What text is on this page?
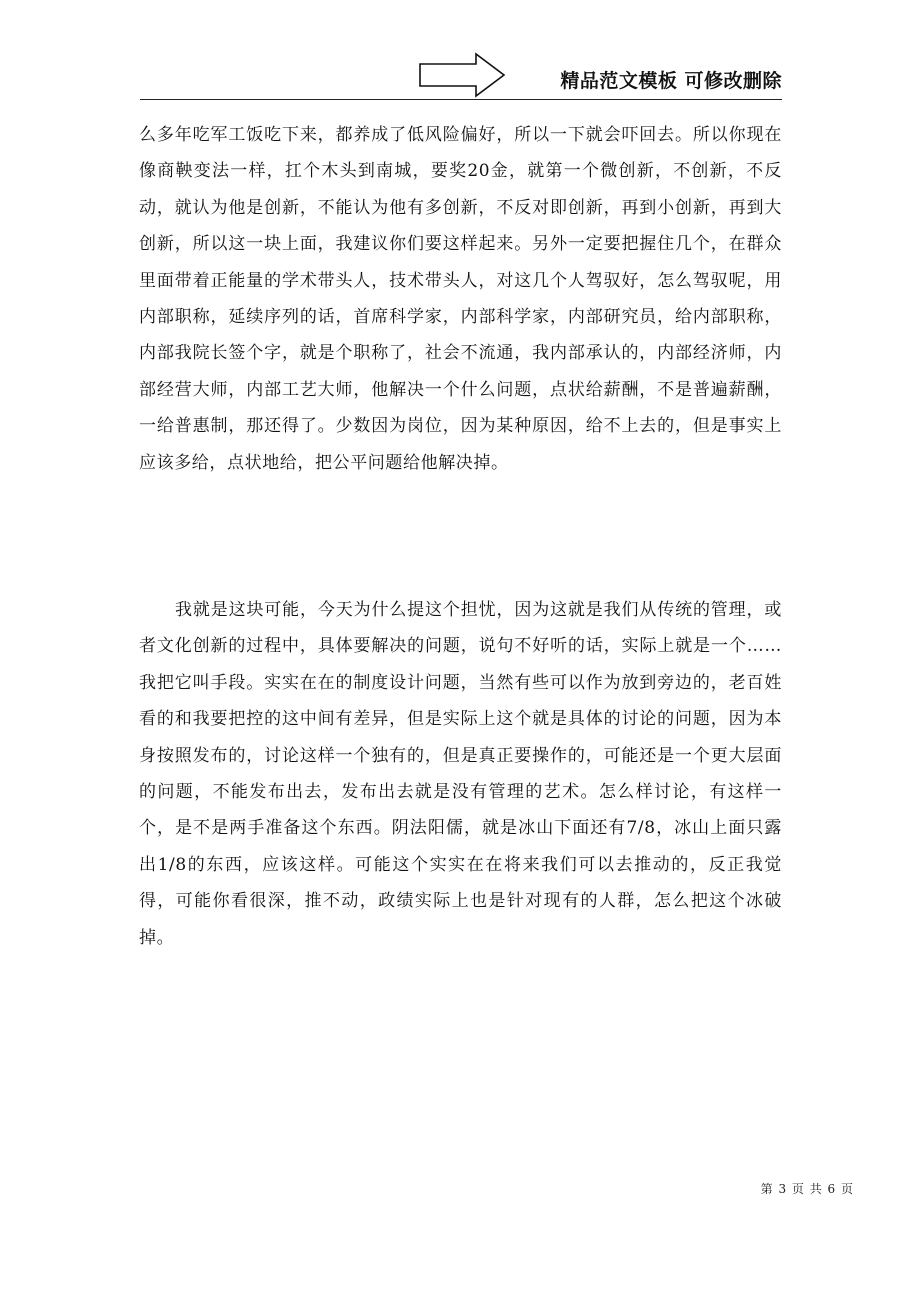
精品范文模板 可修改删除

么多年吃军工饭吃下来，都养成了低风险偏好，所以一下就会吓回去。所以你现在像商鞅变法一样，扛个木头到南城，要奖20金，就第一个微创新，不创新，不反动，就认为他是创新，不能认为他有多创新，不反对即创新，再到小创新，再到大创新，所以这一块上面，我建议你们要这样起来。另外一定要把握住几个，在群众里面带着正能量的学术带头人，技术带头人，对这几个人驾驭好，怎么驾驭呢，用内部职称，延续序列的话，首席科学家，内部科学家，内部研究员，给内部职称，内部我院长签个字，就是个职称了，社会不流通，我内部承认的，内部经济师，内部经营大师，内部工艺大师，他解决一个什么问题，点状给薪酬，不是普遍薪酬，一给普惠制，那还得了。少数因为岗位，因为某种原因，给不上去的，但是事实上应该多给，点状地给，把公平问题给他解决掉。

我就是这块可能，今天为什么提这个担忧，因为这就是我们从传统的管理，或者文化创新的过程中，具体要解决的问题，说句不好听的话，实际上就是一个……我把它叫手段。实实在在的制度设计问题，当然有些可以作为放到旁边的，老百姓看的和我要把控的这中间有差异，但是实际上这个就是具体的讨论的问题，因为本身按照发布的，讨论这样一个独有的，但是真正要操作的，可能还是一个更大层面的问题，不能发布出去，发布出去就是没有管理的艺术。怎么样讨论，有这样一个，是不是两手准备这个东西。阴法阳儒，就是冰山下面还有7/8，冰山上面只露出1/8的东西，应该这样。可能这个实实在在将来我们可以去推动的，反正我觉得，可能你看很深，推不动，政绩实际上也是针对现有的人群，怎么把这个冰破掉。

第 3 页 共 6 页
